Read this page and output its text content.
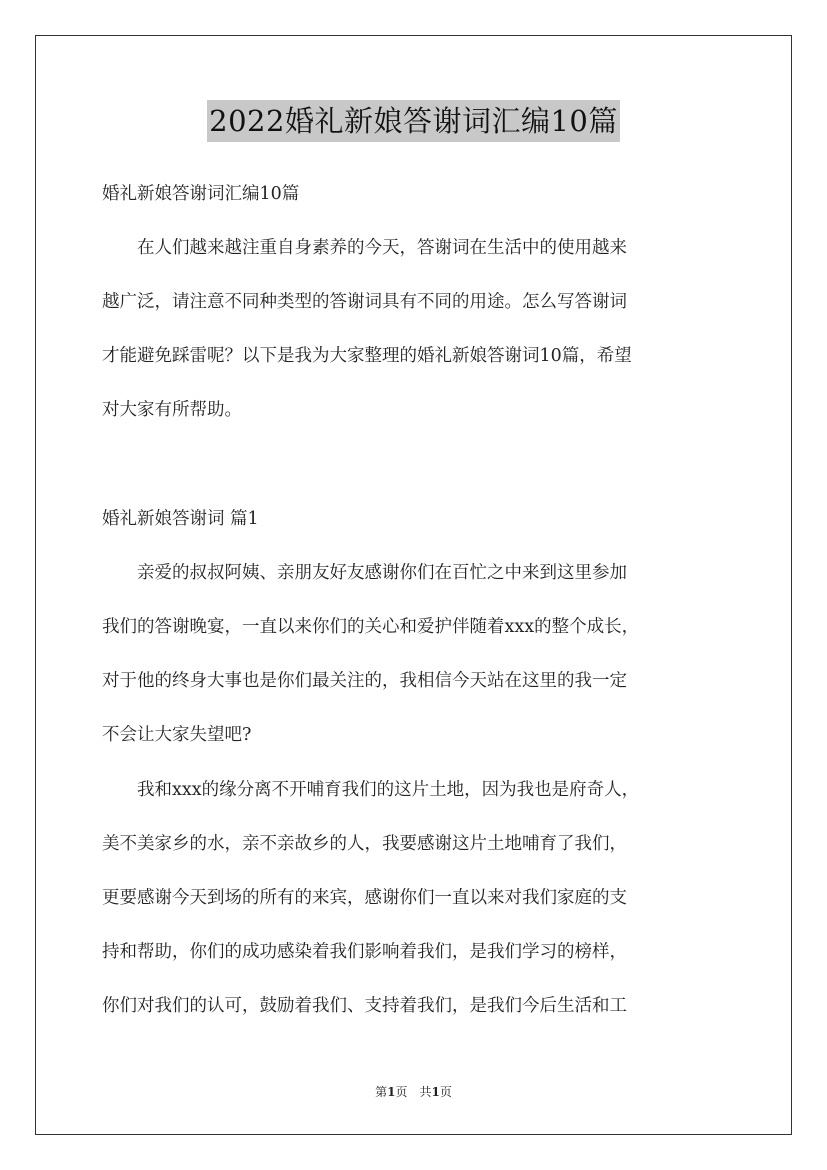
2022婚礼新娘答谢词汇编10篇
婚礼新娘答谢词汇编10篇
　　在人们越来越注重自身素养的今天，答谢词在生活中的使用越来
越广泛，请注意不同种类型的答谢词具有不同的用途。怎么写答谢词
才能避免踩雷呢？以下是我为大家整理的婚礼新娘答谢词10篇，希望
对大家有所帮助。
婚礼新娘答谢词 篇1
　　亲爱的叔叔阿姨、亲朋友好友感谢你们在百忙之中来到这里参加
我们的答谢晚宴，一直以来你们的关心和爱护伴随着xxx的整个成长，
对于他的终身大事也是你们最关注的，我相信今天站在这里的我一定
不会让大家失望吧?
　　我和xxx的缘分离不开哺育我们的这片土地，因为我也是府奇人，
美不美家乡的水，亲不亲故乡的人，我要感谢这片土地哺育了我们，
更要感谢今天到场的所有的来宾，感谢你们一直以来对我们家庭的支
持和帮助，你们的成功感染着我们影响着我们，是我们学习的榜样，
你们对我们的认可，鼓励着我们、支持着我们，是我们今后生活和工
第1页　共1页
